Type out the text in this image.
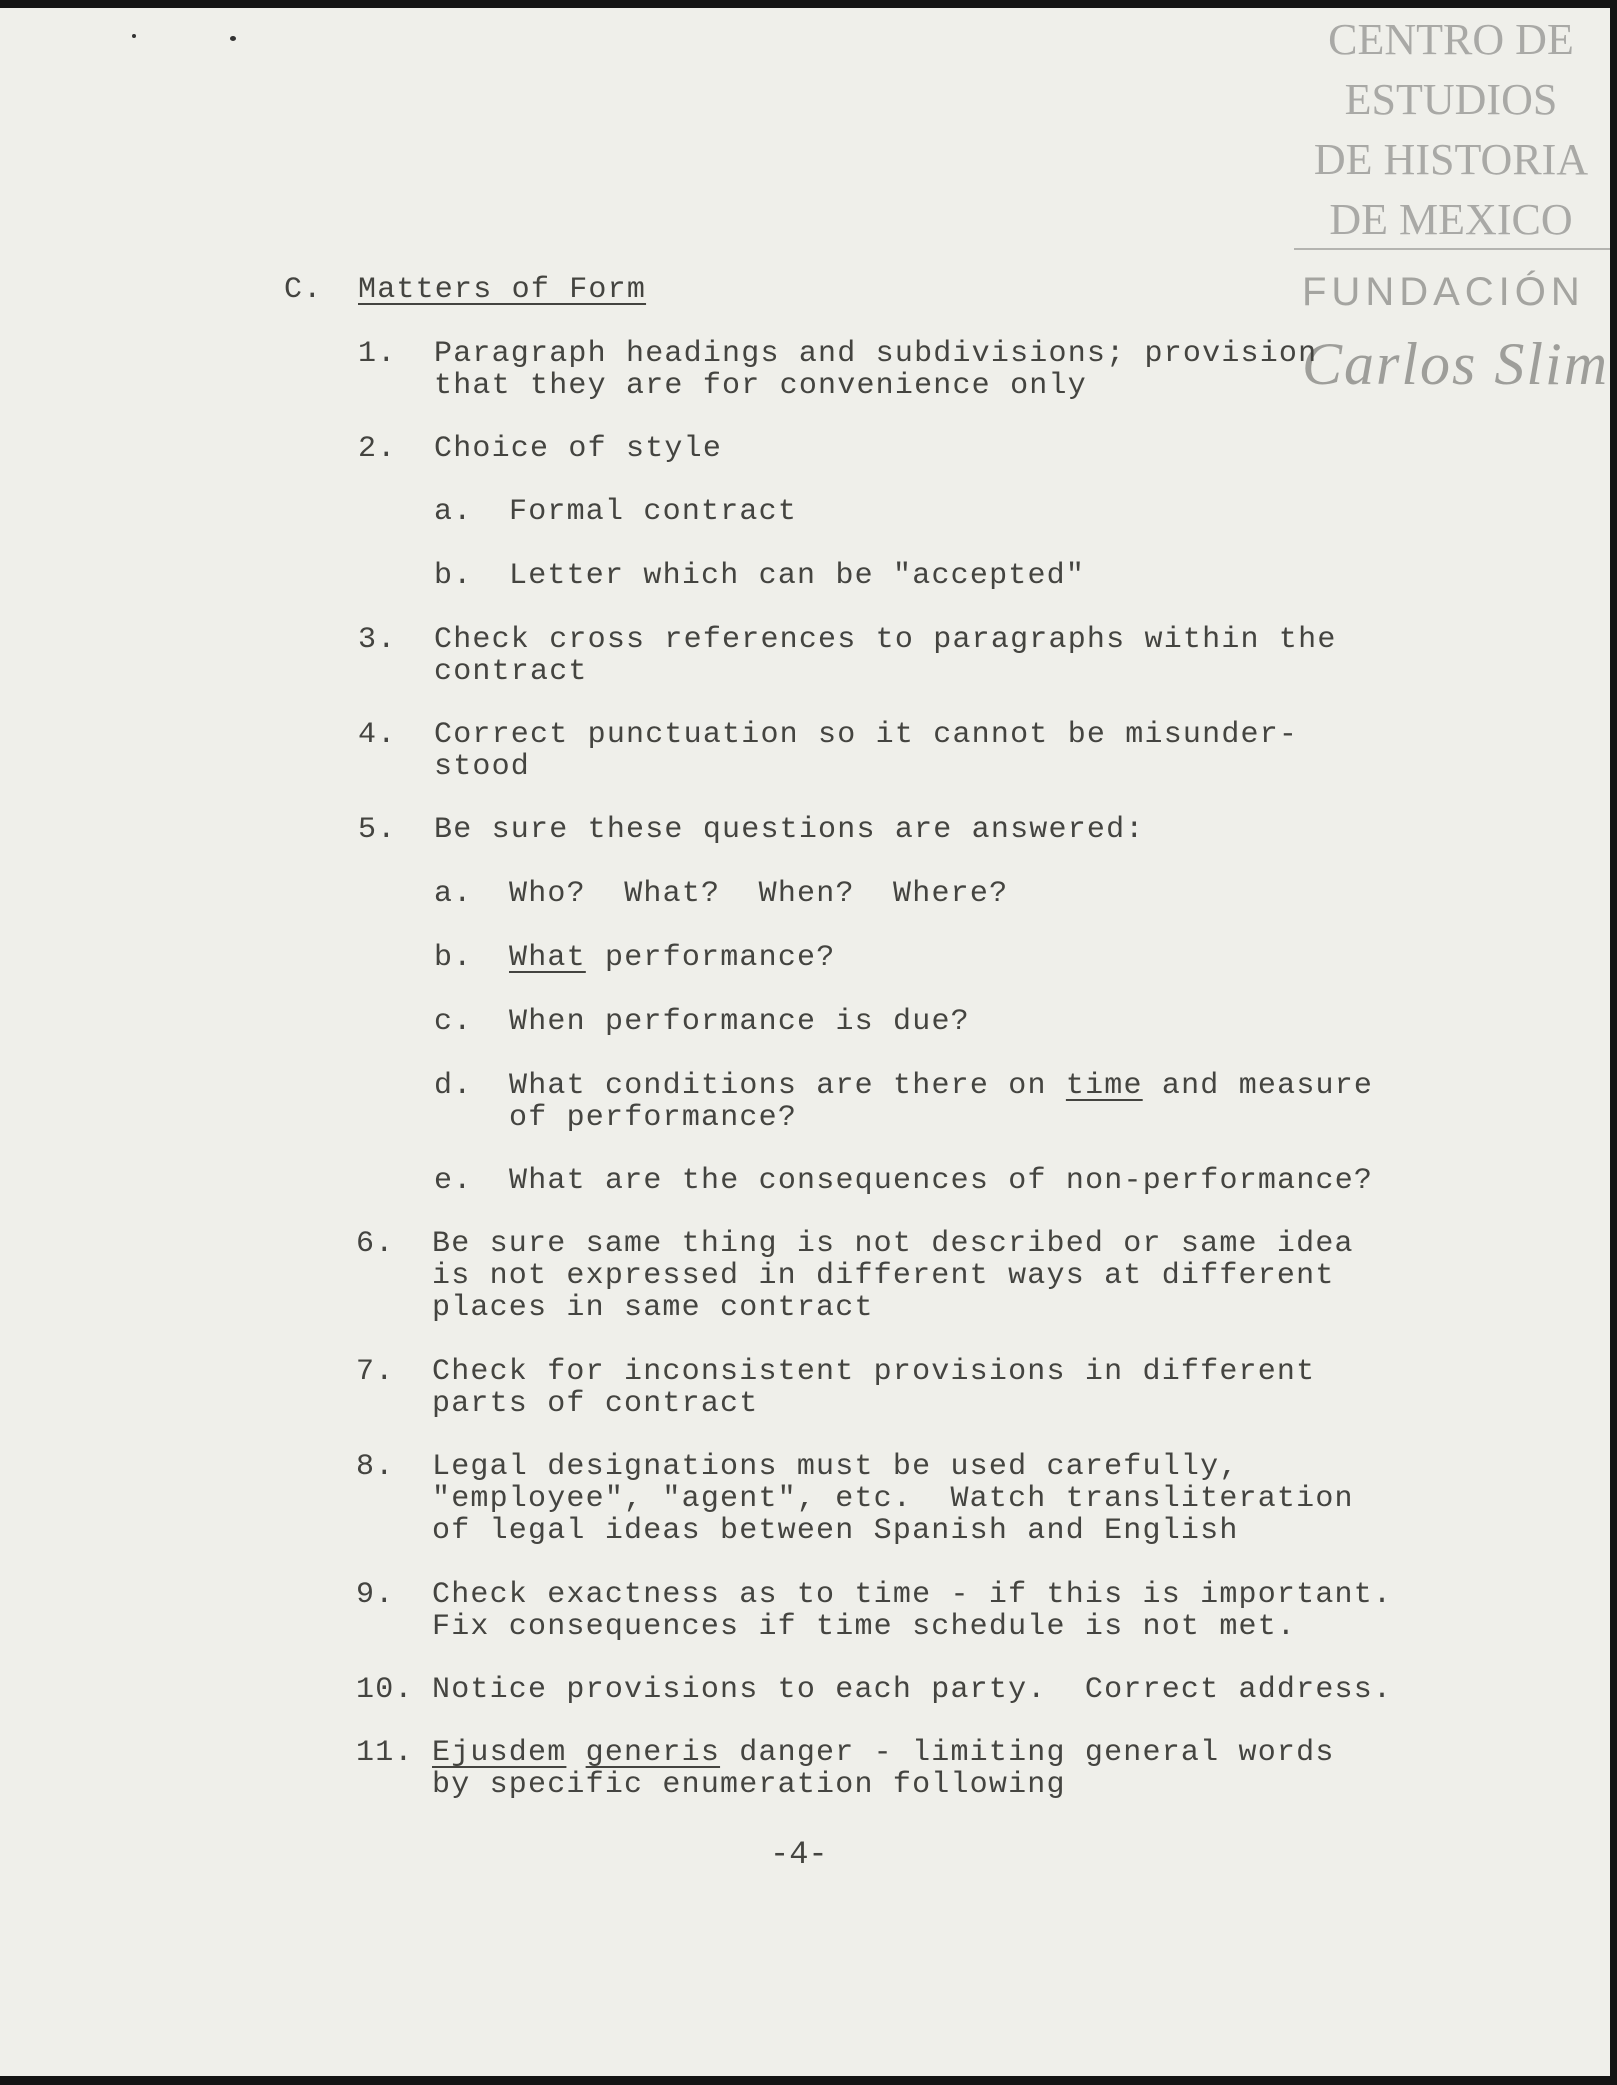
CENTRO DE
ESTUDIOS
DE HISTORIA
DE MEXICO
FUNDACIÓN
Carlos Slim
C. Matters of Form
1. Paragraph headings and subdivisions; provision
that they are for convenience only
2. Choice of style
a. Formal contract
b. Letter which can be "accepted"
3. Check cross references to paragraphs within the
contract
4. Correct punctuation so it cannot be misunder-
stood
5. Be sure these questions are answered:
a. Who?  What?  When?  Where?
b. What performance?
c. When performance is due?
d. What conditions are there on time and measure
of performance?
e. What are the consequences of non-performance?
6. Be sure same thing is not described or same idea
is not expressed in different ways at different
places in same contract
7. Check for inconsistent provisions in different
parts of contract
8. Legal designations must be used carefully,
"employee", "agent", etc.  Watch transliteration
of legal ideas between Spanish and English
9. Check exactness as to time - if this is important.
Fix consequences if time schedule is not met.
10. Notice provisions to each party.  Correct address.
11. Ejusdem generis danger - limiting general words
by specific enumeration following
-4-
